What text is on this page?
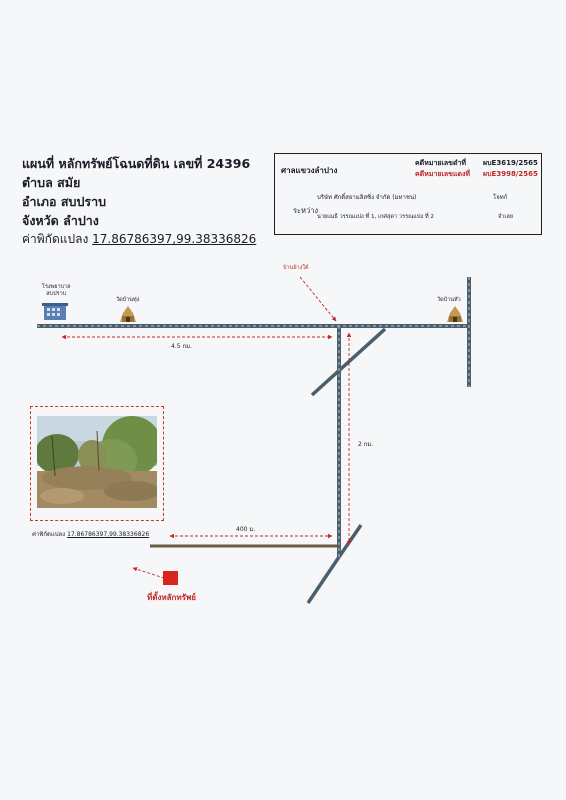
แผนที่ หลักทรัพย์โฉนดที่ดิน เลขที่ 24396
ตำบล สมัย
อำเภอ สบปราบ
จังหวัด ลำปาง
ค่าพิกัดแปลง 17.86786397,99.38336826
ศาลแขวงลำปาง
คดีหมายเลขดำที่ ผบE3619/2565
คดีหมายเลขแดงที่ ผบE3998/2565
บริษัท ศักดิ์สยามลิสซิ่ง จำกัด (มหาชน)	โจทก์
ระหว่าง
นายเณธี วรรณแปง ที่ 1, เกศสุดา วรรณแปง ที่ 2	จำเลย
โรงพยาบาล
สบปราบ
วัดบ้านทุ่ง
บ้านย้างใต้
วัดบ้านหัว
4.5 กม.
2 กม.
400 ม.
ค่าพิกัดแปลง 17.86786397,99.38336826
ที่ตั้งหลักทรัพย์
